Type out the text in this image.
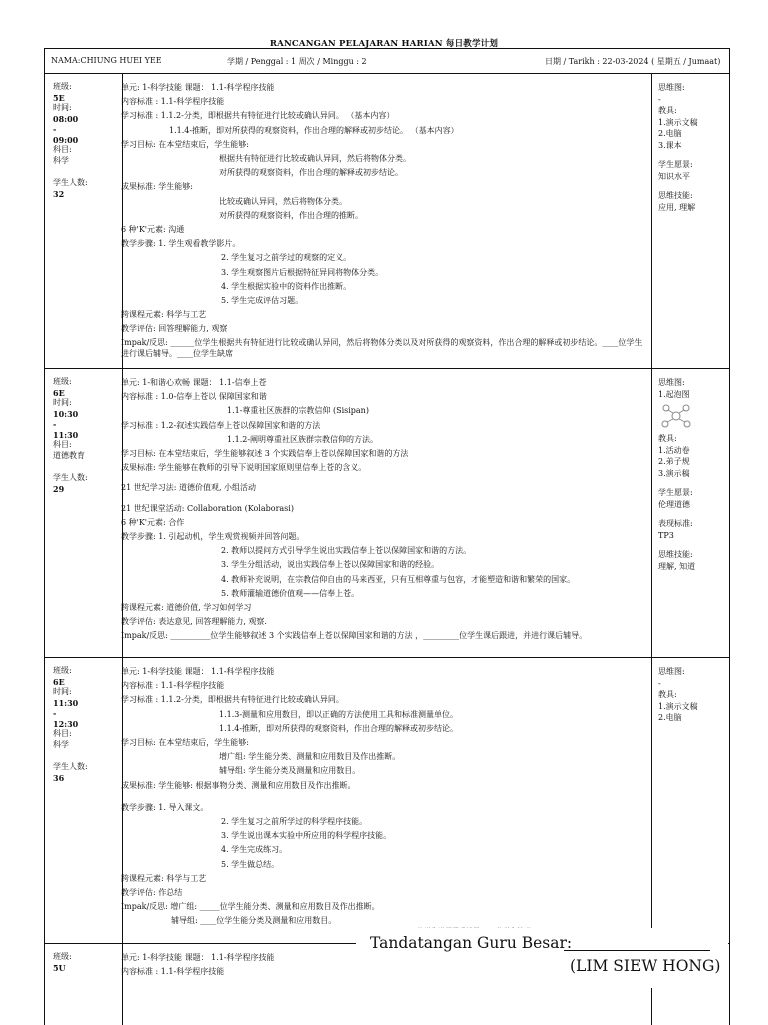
RANCANGAN PELAJARAN HARIAN 每日教学计划
NAMA:CHIUNG HUEI YEE	学期 / Penggal : 1 周次 / Minggu : 2	日期 / Tarikh : 22-03-2024 ( 星期五 / Jumaat)
班级:
5E
时间:
08:00
-
09:00
科目:
科学
学生人数:
32
单元: 1-科学技能 课题： 1.1-科学程序技能
内容标准 : 1.1-科学程序技能
学习标准 : 1.1.2-分类，即根据共有特征进行比较或确认异同。 （基本内容）
1.1.4-推断，即对所获得的观察资料，作出合理的解释或初步结论。 （基本内容）
学习目标: 在本堂结束后，学生能够:
根据共有特征进行比较或确认异同，然后将物体分类。
对所获得的观察资料，作出合理的解释或初步结论。
成果标准: 学生能够:
比较或确认异同，然后将物体分类。
对所获得的观察资料，作出合理的推断。
6 种'K'元素: 沟通
教学步骤: 1. 学生观看教学影片。
2. 学生复习之前学过的观察的定义。
3. 学生观察图片后根据特征异同将物体分类。
4. 学生根据实验中的资料作出推断。
5. 学生完成评估习题。
跨课程元素: 科学与工艺
教学评估: 回答理解能力, 观察
Impak/反思: ______位学生根据共有特征进行比较或确认异同，然后将物体分类以及对所获得的观察资料，作出合理的解释或初步结论。____位学生进行课后辅导。____位学生缺席
思维图:
-
教具:
1.演示文稿
2.电脑
3.课本
学生愿景:
知识水平
思维技能:
应用, 理解
班级:
6E
时间:
10:30
-
11:30
科目:
道德教育
学生人数:
29
单元: 1-和谐心欢畅 课题： 1.1-信奉上苍
内容标准 : 1.0-信奉上苍以 保障国家和谐
1.1-尊重社区族群的宗教信仰 (Sisipan)
学习标准 : 1.2-叙述实践信奉上苍以保障国家和谐的方法
1.1.2-阐明尊重社区族群宗教信仰的方法。
学习目标: 在本堂结束后，学生能够叙述 3 个实践信奉上苍以保障国家和谐的方法
成果标准: 学生能够在教师的引导下说明国家原则里信奉上苍的含义。
21 世纪学习法: 道德价值观, 小组活动
21 世纪课堂活动: Collaboration (Kolaborasi)
6 种'K'元素: 合作
教学步骤: 1. 引起动机，学生观赏视频并回答问题。
2. 教师以提问方式引导学生说出实践信奉上苍以保障国家和谐的方法。
3. 学生分组活动，说出实践信奉上苍以保障国家和谐的经验。
4. 教师补充说明，在宗教信仰自由的马来西亚，只有互相尊重与包容，才能塑造和谐和繁荣的国家。
5. 教师灌输道德价值观——信奉上苍。
跨课程元素: 道德价值, 学习如何学习
教学评估: 表达意见, 回答理解能力, 观察.
Impak/反思: __________位学生能够叙述 3 个实践信奉上苍以保障国家和谐的方法 ，_________位学生课后跟进，并进行课后辅导。
思维图:
1.起泡图
教具:
1.活动卷
2.弟子规
3.演示稿
学生愿景:
伦理道德
表现标准:
TP3
思维技能:
理解, 知道
班级:
6E
时间:
11:30
-
12:30
科目:
科学
学生人数:
36
单元: 1-科学技能 课题： 1.1-科学程序技能
内容标准 : 1.1-科学程序技能
学习标准 : 1.1.2-分类，即根据共有特征进行比较或确认异同。
1.1.3-测量和应用数目，即以正确的方法使用工具和标准测量单位。
1.1.4-推断，即对所获得的观察资料，作出合理的解释或初步结论。
学习目标: 在本堂结束后，学生能够:
增广组: 学生能分类、测量和应用数目及作出推断。
辅导组: 学生能分类及测量和应用数目。
成果标准: 学生能够: 根据事物分类、测量和应用数目及作出推断。
教学步骤: 1. 导入课文。
2. 学生复习之前所学过的科学程序技能。
3. 学生说出课本实验中所应用的科学程序技能。
4. 学生完成练习。
5. 学生做总结。
跨课程元素: 科学与工艺
教学评估: 作总结
Impak/反思: 增广组: _____位学生能分类、测量和应用数目及作出推断。
辅导组: ____位学生能分类及测量和应用数目。
思维图:
-
教具:
1.演示文稿
2.电脑
班级:
5U
单元: 1-科学技能 课题： 1.1-科学程序技能
内容标准 : 1.1-科学程序技能
Tandatangan Guru Besar:
(LIM SIEW HONG)
